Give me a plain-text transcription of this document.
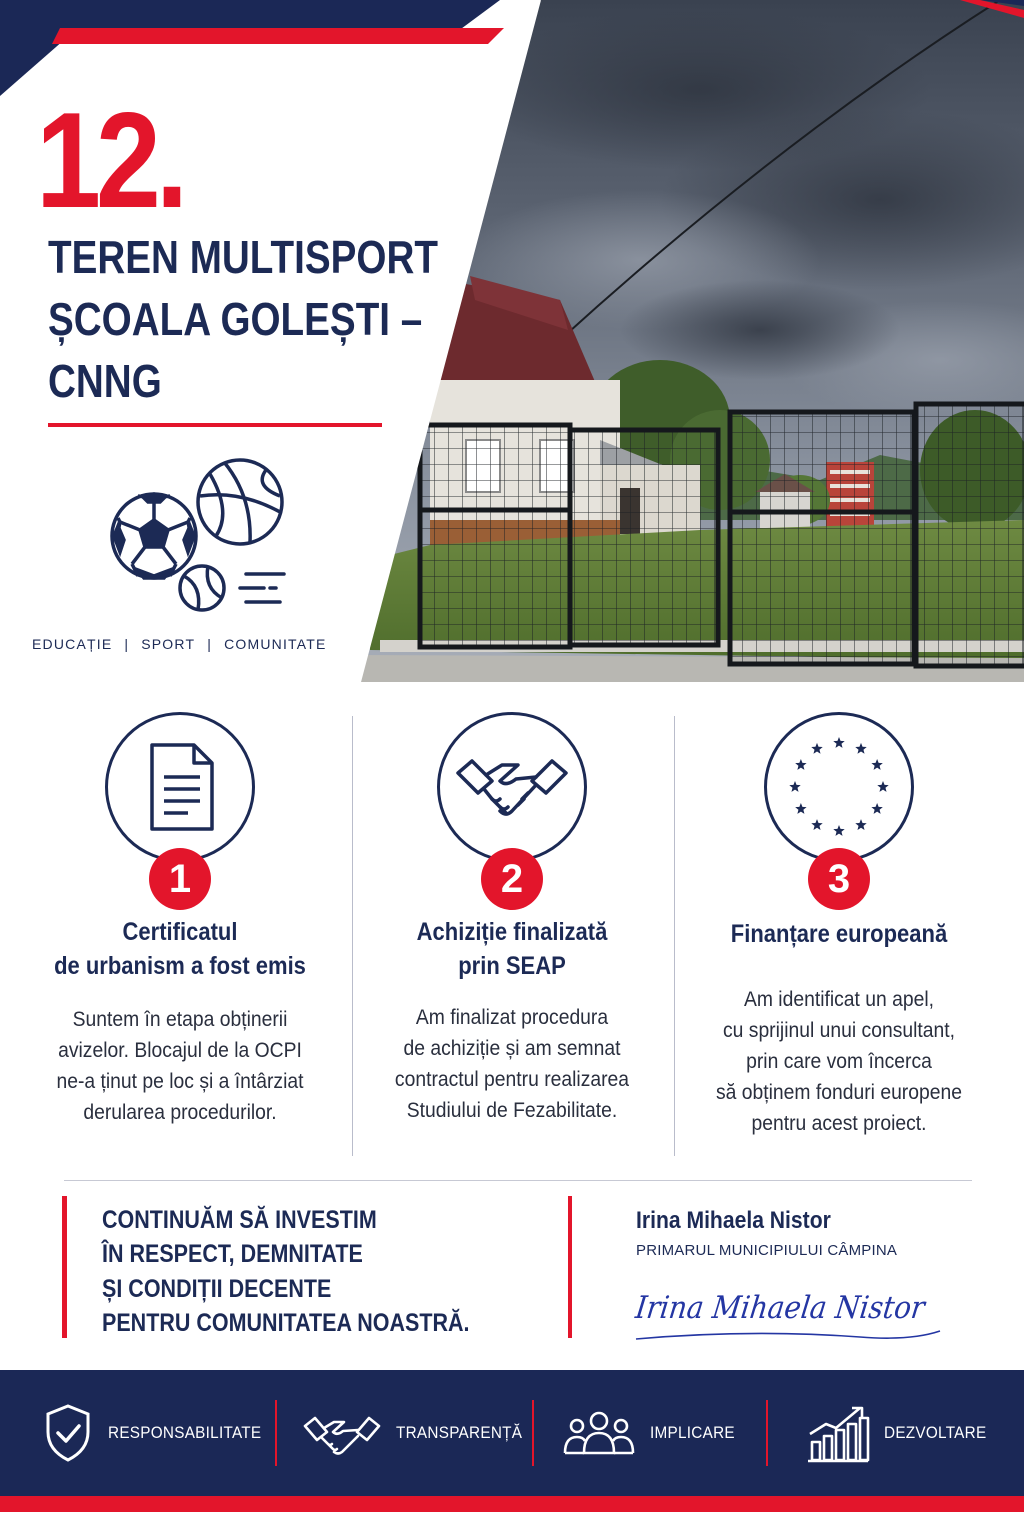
12.
TEREN MULTISPORT
ȘCOALA GOLEȘTI –
CNNG
EDUCAȚIE | SPORT | COMUNITATE
1
Certificatul
de urbanism a fost emis
Suntem în etapa obținerii
avizelor. Blocajul de la OCPI
ne-a ținut pe loc și a întârziat
derularea procedurilor.
2
Achiziție finalizată
prin SEAP
Am finalizat procedura
de achiziție și am semnat
contractul pentru realizarea
Studiului de Fezabilitate.
3
Finanțare europeană
Am identificat un apel,
cu sprijinul unui consultant,
prin care vom încerca
să obținem fonduri europene
pentru acest proiect.
CONTINUĂM SĂ INVESTIM
ÎN RESPECT, DEMNITATE
ȘI CONDIȚII DECENTE
PENTRU COMUNITATEA NOASTRĂ.
Irina Mihaela Nistor
PRIMARUL MUNICIPIULUI CÂMPINA
Irina Mihaela Nistor
RESPONSABILITATE	TRANSPARENȚĂ	IMPLICARE	DEZVOLTARE
